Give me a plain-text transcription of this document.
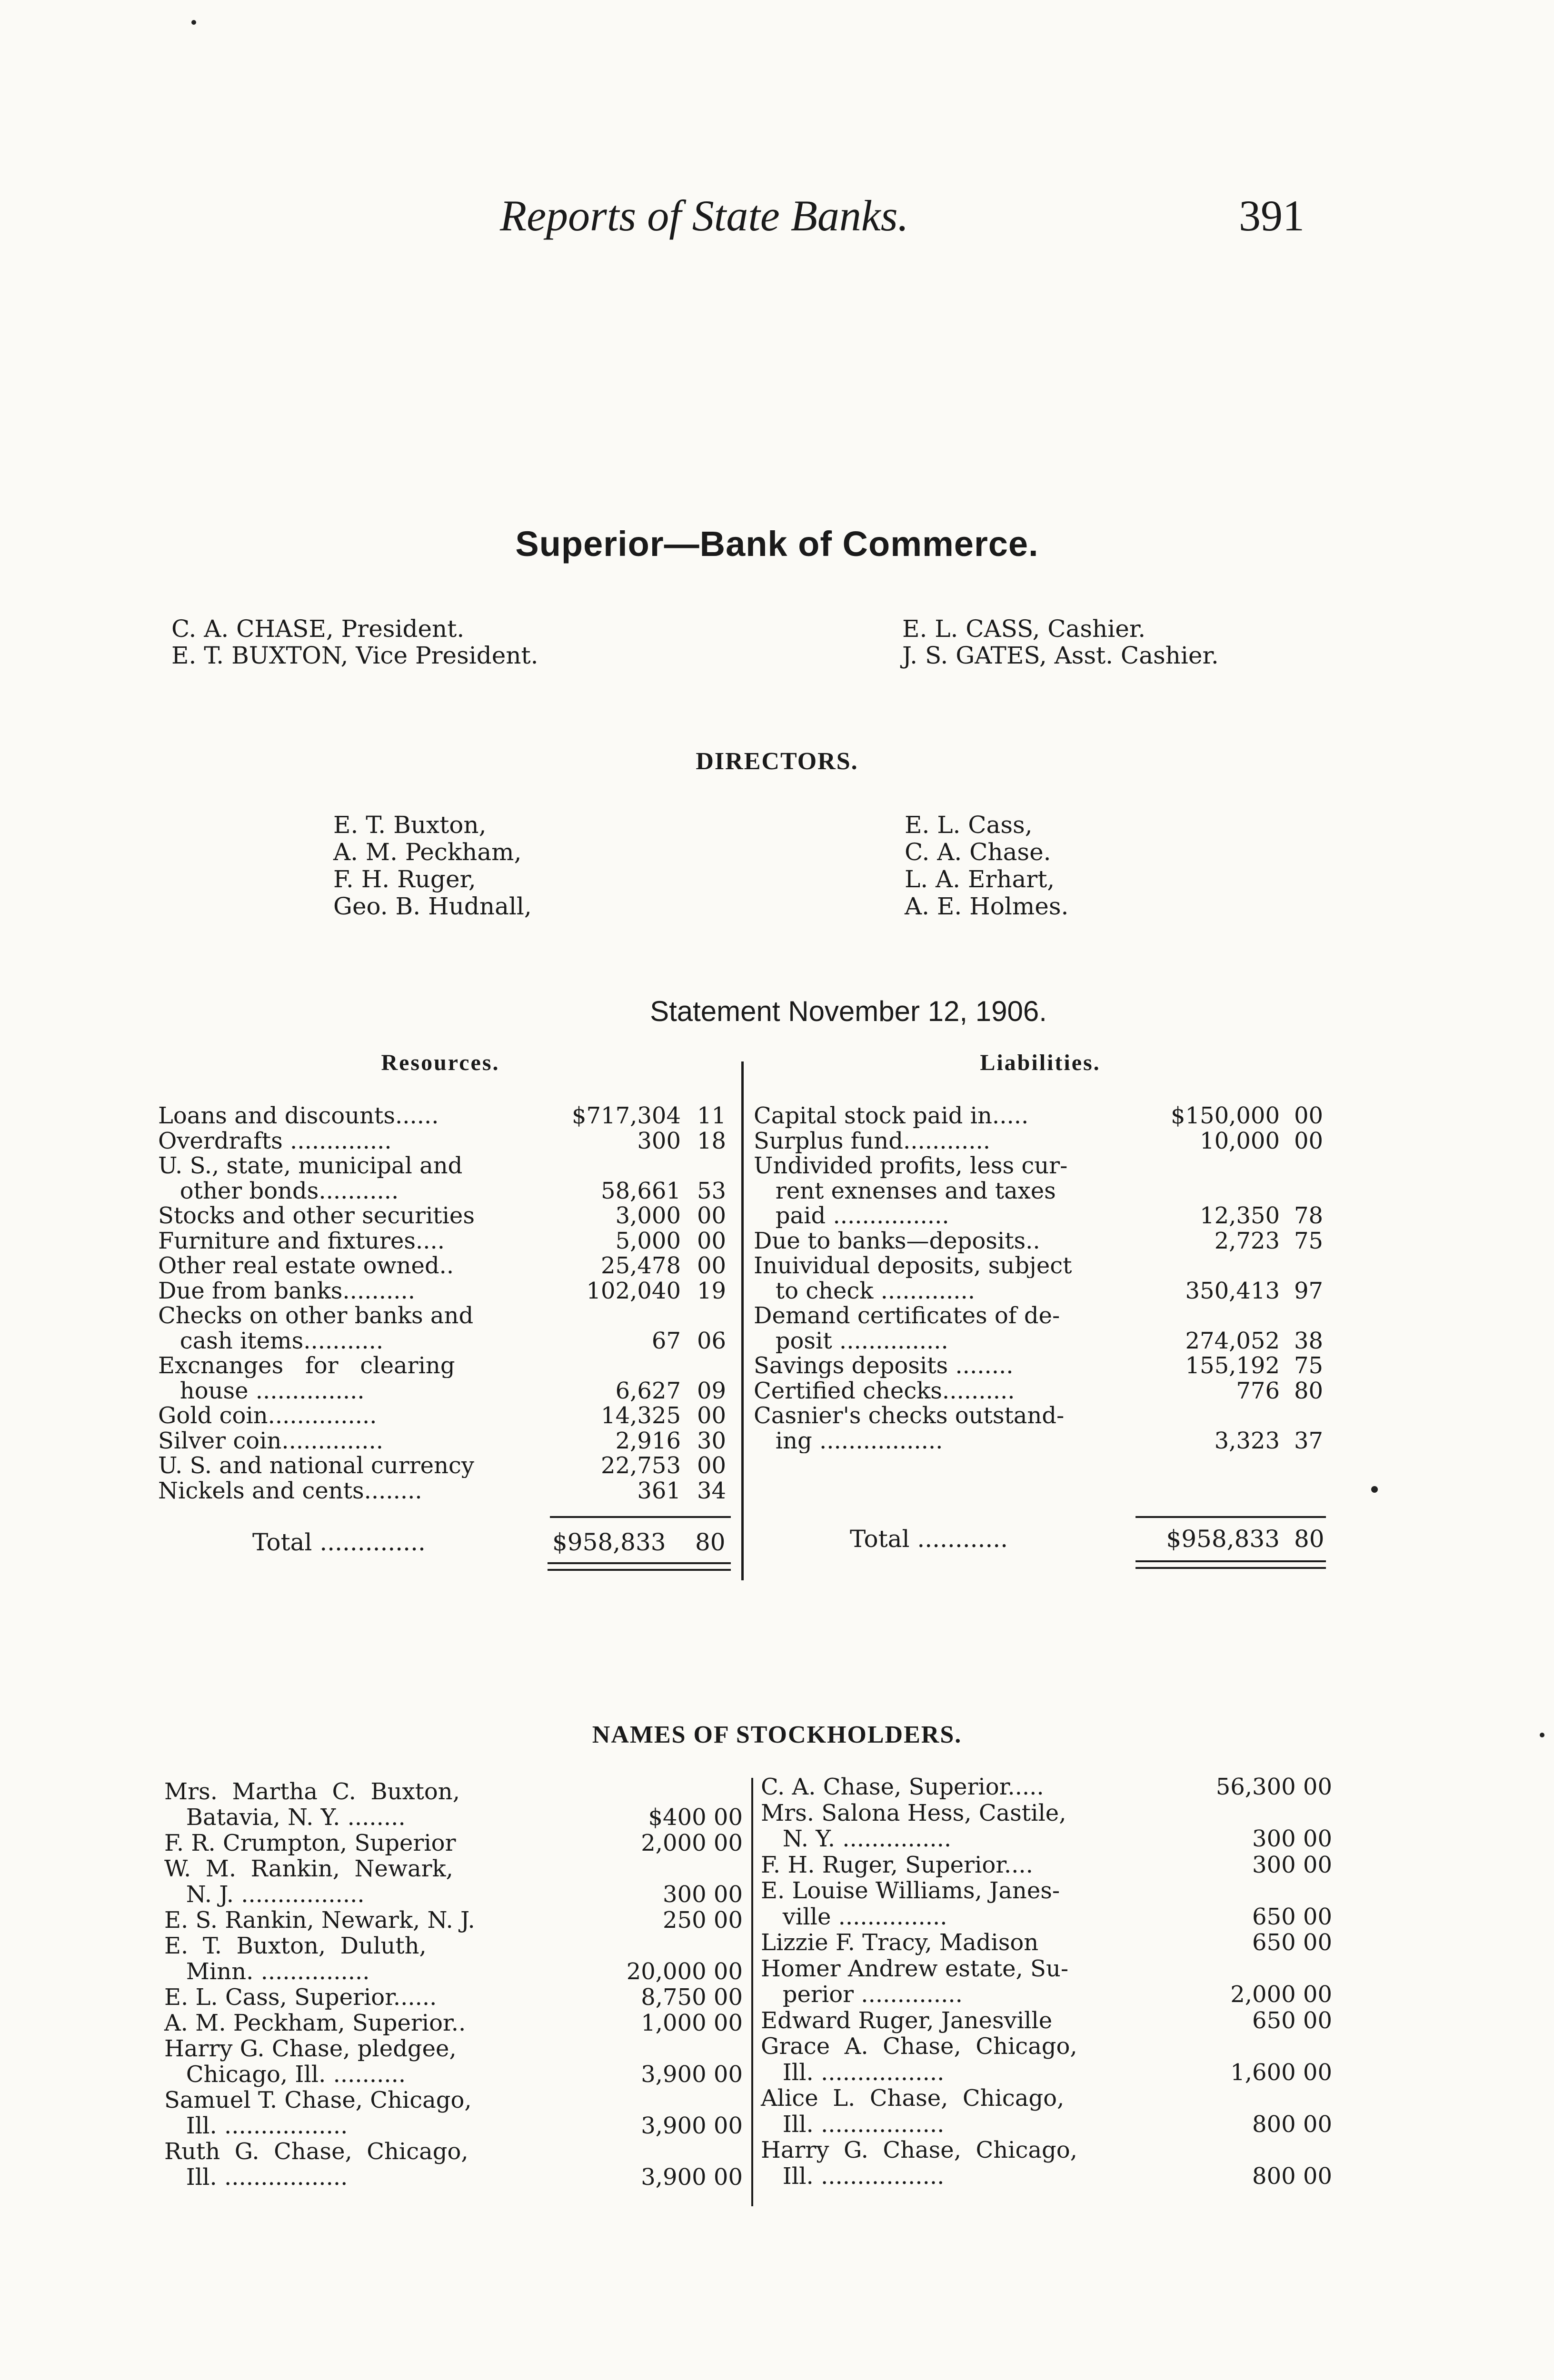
Reports of State Banks.	391
Superior—Bank of Commerce.
C. A. CHASE, President.
E. T. BUXTON, Vice President.
E. L. CASS, Cashier.
J. S. GATES, Asst. Cashier.
DIRECTORS.
E. T. Buxton,
A. M. Peckham,
F. H. Ruger,
Geo. B. Hudnall,
E. L. Cass,
C. A. Chase.
L. A. Erhart,
A. E. Holmes.
Statement November 12, 1906.
Resources.	Liabilities.
Loans and discounts......	$717,304 11
Overdrafts ..............	300 18
U. S., state, municipal and
other bonds...........	58,661 53
Stocks and other securities	3,000 00
Furniture and fixtures....	5,000 00
Other real estate owned..	25,478 00
Due from banks..........	102,040 19
Checks on other banks and
cash items...........	67 06
Excnanges   for   clearing
house ...............	6,627 09
Gold coin...............	14,325 00
Silver coin..............	2,916 30
U. S. and national currency	22,753 00
Nickels and cents........	361 34
Capital stock paid in.....	$150,000 00
Surplus fund............	10,000 00
Undivided profits, less cur-
rent exnenses and taxes
paid ................	12,350 78
Due to banks—deposits..	2,723 75
Inuividual deposits, subject
to check .............	350,413 97
Demand certificates of de-
posit ...............	274,052 38
Savings deposits ........	155,192 75
Certified checks..........	776 80
Casnier's checks outstand-
ing .................	3,323 37
Total ..............	$958,833 80	Total ............	$958,833 80
NAMES OF STOCKHOLDERS.
Mrs.  Martha  C.  Buxton,
Batavia, N. Y. ........	$400 00
F. R. Crumpton, Superior	2,000 00
W.  M.  Rankin,  Newark,
N. J. .................	300 00
E. S. Rankin, Newark, N. J.	250 00
E.  T.  Buxton,  Duluth,
Minn. ...............	20,000 00
E. L. Cass, Superior......	8,750 00
A. M. Peckham, Superior..	1,000 00
Harry G. Chase, pledgee,
Chicago, Ill. ..........	3,900 00
Samuel T. Chase, Chicago,
Ill. .................	3,900 00
Ruth  G.  Chase,  Chicago,
Ill. .................	3,900 00
C. A. Chase, Superior.....	56,300 00
Mrs. Salona Hess, Castile,
N. Y. ...............	300 00
F. H. Ruger, Superior....	300 00
E. Louise Williams, Janes-
ville ...............	650 00
Lizzie F. Tracy, Madison	650 00
Homer Andrew estate, Su-
perior ..............	2,000 00
Edward Ruger, Janesville	650 00
Grace  A.  Chase,  Chicago,
Ill. .................	1,600 00
Alice  L.  Chase,  Chicago,
Ill. .................	800 00
Harry  G.  Chase,  Chicago,
Ill. .................	800 00
